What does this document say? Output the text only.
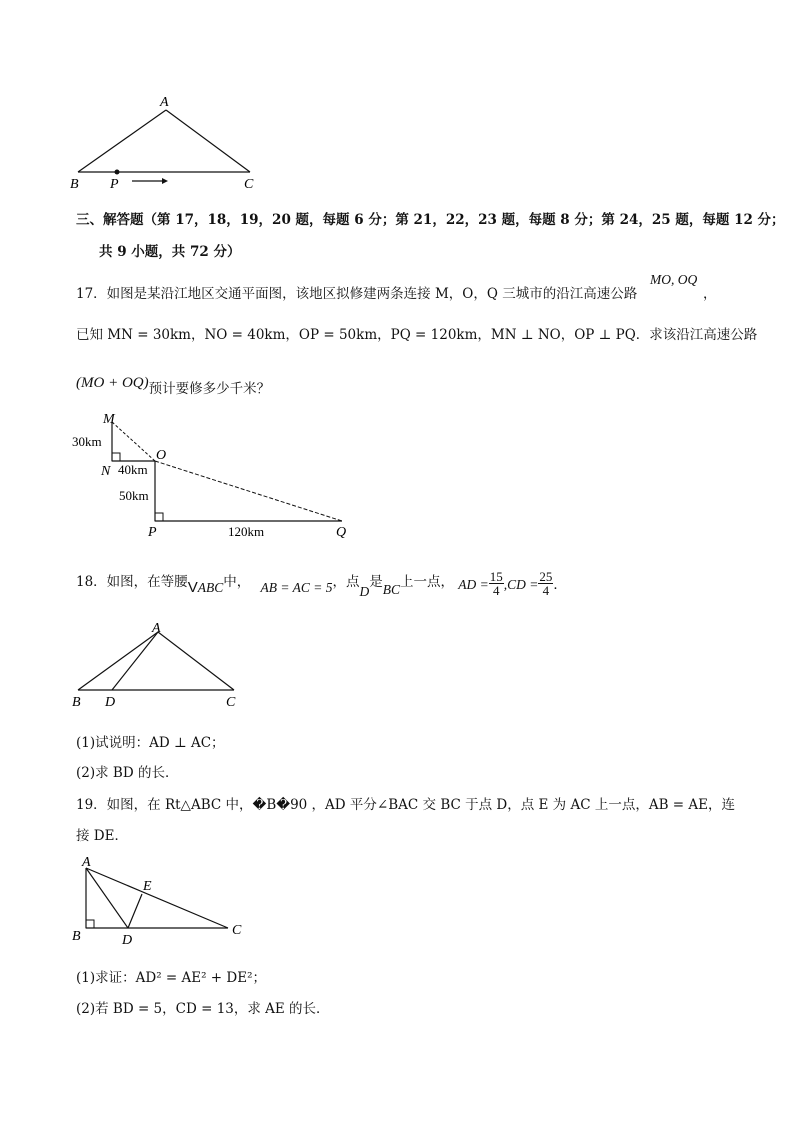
A
B P	C
三、解答题（第 17，18，19，20 题，每题 6 分；第 21，22，23 题，每题 8 分；第 24，25 题，每题 12 分；
共 9 小题，共 72 分）
17．如图是某沿江地区交通平面图，该地区拟修建两条连接 M，O，Q 三城市的沿江高速公路
MO, OQ
，
已知 MN = 30km，NO = 40km，OP = 50km，PQ = 120km，MN ⊥ NO，OP ⊥ PQ．求该沿江高速公路
(MO + OQ)预计要修多少千米？
M
30km
N 40km
O
50km
P	120km	Q
18．如图，在等腰VABC中， AB = AC = 5，点D是BC上一点， AD = $\frac{15}{4} ,CD = \frac{25}{4}$ ．
A
B D	C
(1)试说明：AD ⊥ AC；
(2)求 BD 的长．
19．如图，在 Rt△ABC 中，�B�90 ，AD 平分∠BAC 交 BC 于点 D，点 E 为 AC 上一点，AB = AE，连
接 DE．
A
E
B	D
C
(1)求证：AD² = AE² + DE²；
(2)若 BD = 5，CD = 13，求 AE 的长．
